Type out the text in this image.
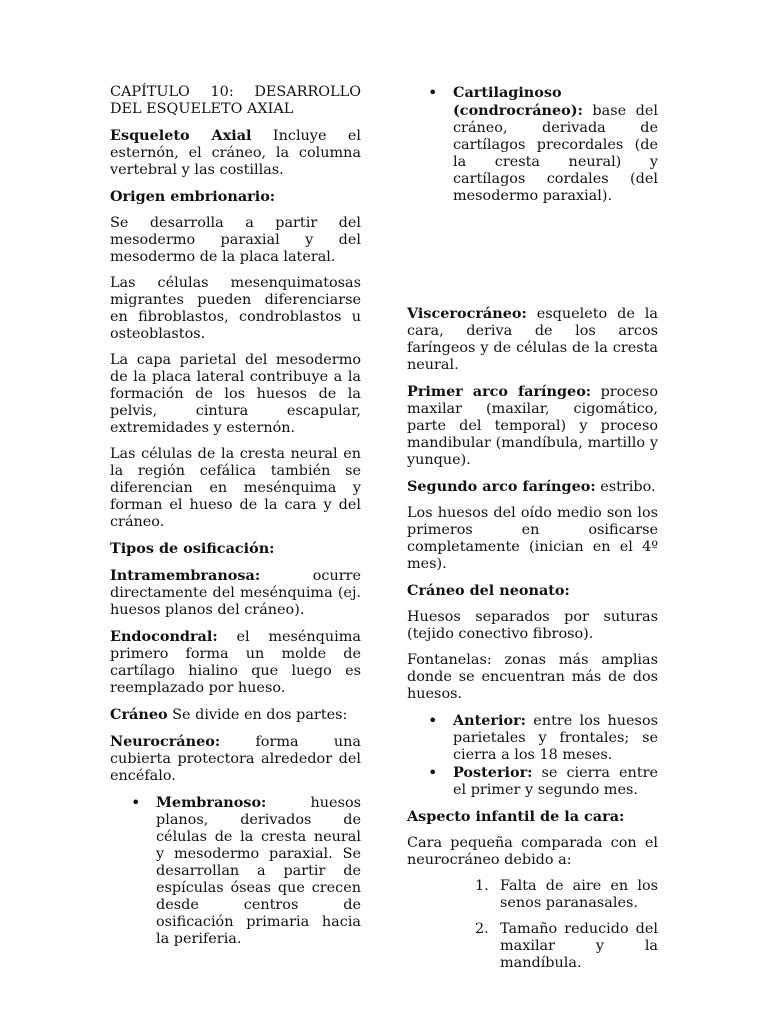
CAPÍTULO 10: DESARROLLO DEL ESQUELETO AXIAL

Esqueleto Axial Incluye el esternón, el cráneo, la columna vertebral y las costillas.

Origen embrionario:

Se desarrolla a partir del mesodermo paraxial y del mesodermo de la placa lateral.

Las células mesenquimatosas migrantes pueden diferenciarse en fibroblastos, condroblastos u osteoblastos.

La capa parietal del mesodermo de la placa lateral contribuye a la formación de los huesos de la pelvis, cintura escapular, extremidades y esternón.

Las células de la cresta neural en la región cefálica también se diferencian en mesénquima y forman el hueso de la cara y del cráneo.

Tipos de osificación:

Intramembranosa: ocurre directamente del mesénquima (ej. huesos planos del cráneo).

Endocondral: el mesénquima primero forma un molde de cartílago hialino que luego es reemplazado por hueso.

Cráneo Se divide en dos partes:

Neurocráneo: forma una cubierta protectora alrededor del encéfalo.

• Membranoso: huesos planos, derivados de células de la cresta neural y mesodermo paraxial. Se desarrollan a partir de espículas óseas que crecen desde centros de osificación primaria hacia la periferia.
• Cartilaginoso (condrocráneo): base del cráneo, derivada de cartílagos precordales (de la cresta neural) y cartílagos cordales (del mesodermo paraxial).

Viscerocráneo: esqueleto de la cara, deriva de los arcos faríngeos y de células de la cresta neural.

Primer arco faríngeo: proceso maxilar (maxilar, cigomático, parte del temporal) y proceso mandibular (mandíbula, martillo y yunque).

Segundo arco faríngeo: estribo.

Los huesos del oído medio son los primeros en osificarse completamente (inician en el 4º mes).

Cráneo del neonato:

Huesos separados por suturas (tejido conectivo fibroso).

Fontanelas: zonas más amplias donde se encuentran más de dos huesos.

• Anterior: entre los huesos parietales y frontales; se cierra a los 18 meses.
• Posterior: se cierra entre el primer y segundo mes.

Aspecto infantil de la cara:

Cara pequeña comparada con el neurocráneo debido a:

1. Falta de aire en los senos paranasales.
2. Tamaño reducido del maxilar y la mandíbula.
